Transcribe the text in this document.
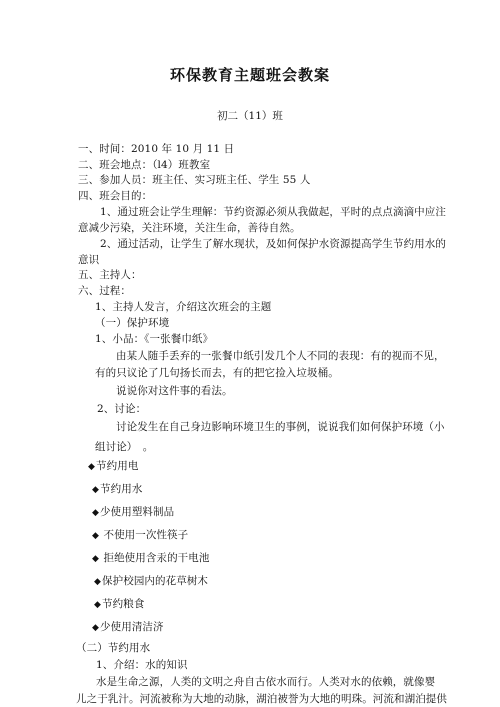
环保教育主题班会教案
初二（11）班
一、时间：2010 年 10 月 11 日
二、班会地点：（l4）班教室
三、参加人员：班主任、实习班主任、学生 55 人
四、班会目的：
1、通过班会让学生理解：节约资源必须从我做起，平时的点点滴滴中应注
意减少污染，关注环境，关注生命，善待自然。
2、通过活动，让学生了解水现状，及如何保护水资源提高学生节约用水的
意识
五、主持人：
六、过程：
1、主持人发言，介绍这次班会的主题
（一）保护环境
1、小品：《一张餐巾纸》
由某人随手丢弃的一张餐巾纸引发几个人不同的表现：有的视而不见，
有的只议论了几句扬长而去，有的把它捡入垃圾桶。
说说你对这件事的看法。
2、讨论：
讨论发生在自己身边影响环境卫生的事例，说说我们如何保护环境（小
组讨论）　。
◆ 节约用电
◆ 节约用水
◆ 少使用塑料制品
◆ 不使用一次性筷子
◆ 拒绝使用含汞的干电池
◆ 保护校园内的花草树木
◆ 节约粮食
◆ 少使用清洁济
（二）节约用水
1、介绍：水的知识
水是生命之源，人类的文明之舟自古依水而行。人类对水的依赖，就像婴
儿之于乳汁。河流被称为大地的动脉，湖泊被誉为大地的明珠。河流和湖泊提供
